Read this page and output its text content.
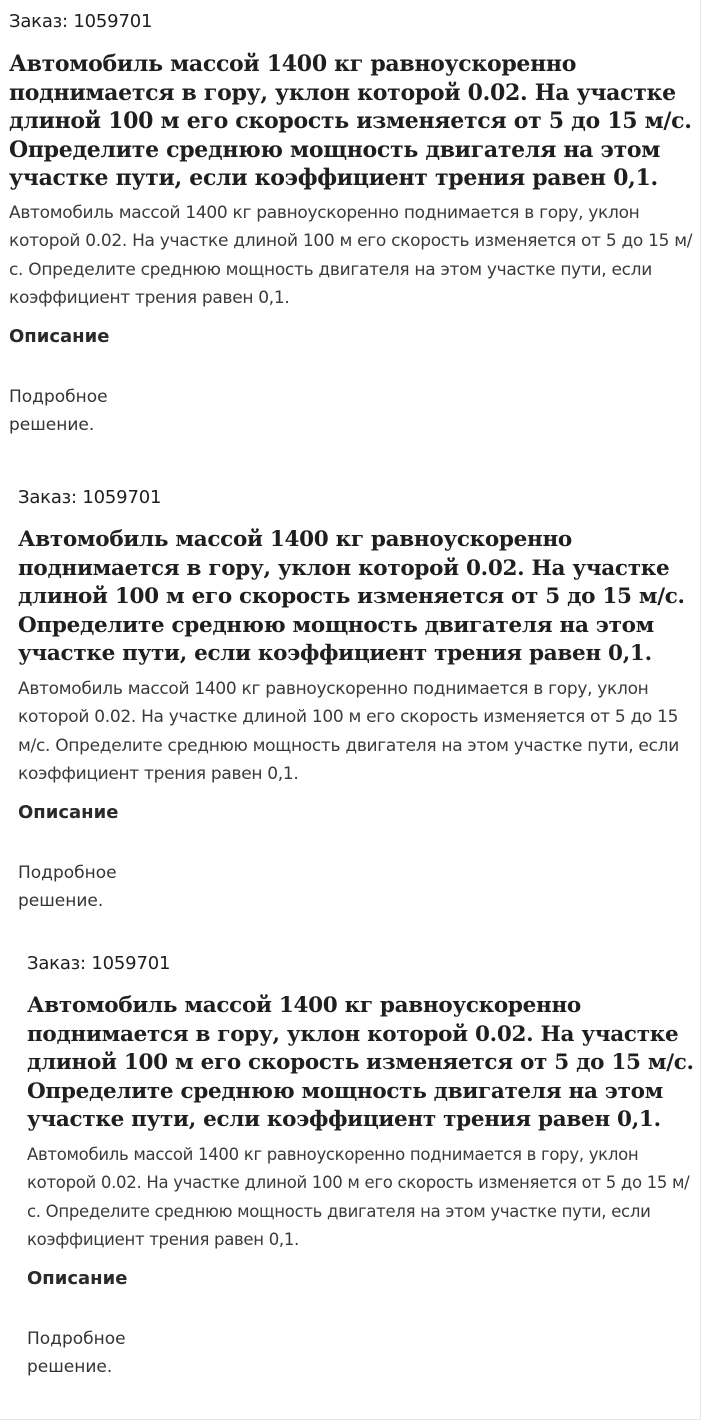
Заказ: 1059701

Автомобиль массой 1400 кг равноускоренно поднимается в гору, уклон которой 0.02. На участке длиной 100 м его скорость изменяется от 5 до 15 м/с. Определите среднюю мощность двигателя на этом участке пути, если коэффициент трения равен 0,1.

Автомобиль массой 1400 кг равноускоренно поднимается в гору, уклон которой 0.02. На участке длиной 100 м его скорость изменяется от 5 до 15 м/с. Определите среднюю мощность двигателя на этом участке пути, если коэффициент трения равен 0,1.

Описание

Подробное решение.

Заказ: 1059701

Автомобиль массой 1400 кг равноускоренно поднимается в гору, уклон которой 0.02. На участке длиной 100 м его скорость изменяется от 5 до 15 м/с. Определите среднюю мощность двигателя на этом участке пути, если коэффициент трения равен 0,1.

Автомобиль массой 1400 кг равноускоренно поднимается в гору, уклон которой 0.02. На участке длиной 100 м его скорость изменяется от 5 до 15 м/с. Определите среднюю мощность двигателя на этом участке пути, если коэффициент трения равен 0,1.

Описание

Подробное решение.

Заказ: 1059701

Автомобиль массой 1400 кг равноускоренно поднимается в гору, уклон которой 0.02. На участке длиной 100 м его скорость изменяется от 5 до 15 м/с. Определите среднюю мощность двигателя на этом участке пути, если коэффициент трения равен 0,1.

Автомобиль массой 1400 кг равноускоренно поднимается в гору, уклон которой 0.02. На участке длиной 100 м его скорость изменяется от 5 до 15 м/с. Определите среднюю мощность двигателя на этом участке пути, если коэффициент трения равен 0,1.

Описание

Подробное решение.
